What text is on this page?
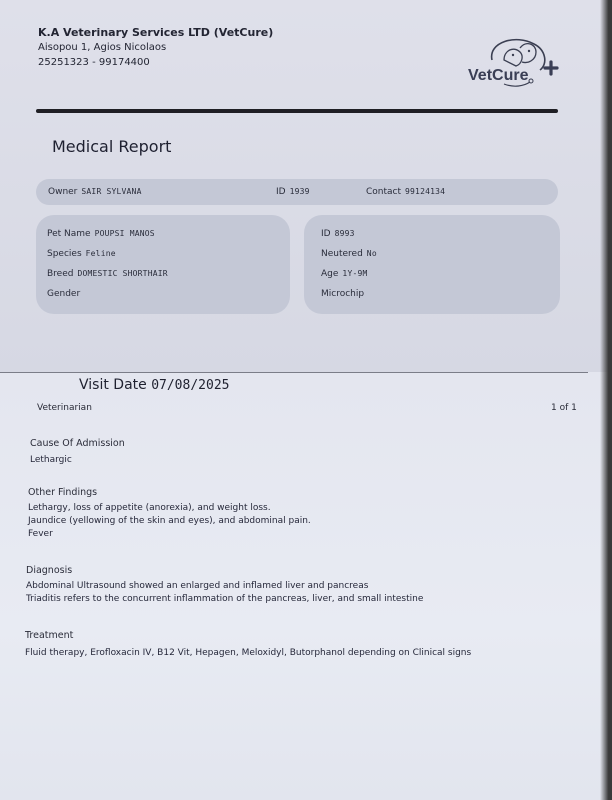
K.A Veterinary Services LTD (VetCure)
Aisopou 1, Agios Nicolaos
25251323 - 99174400
VetCure
Medical Report
Owner SAIR SYLVANA	ID 1939	Contact 99124134
Pet Name POUPSI MANOS
Species Feline
Breed DOMESTIC SHORTHAIR
Gender
ID 8993
Neutered No
Age 1Y-9M
Microchip
Visit Date 07/08/2025
Veterinarian	1 of 1
Cause Of Admission
Lethargic
Other Findings
Lethargy, loss of appetite (anorexia), and weight loss.
Jaundice (yellowing of the skin and eyes), and abdominal pain.
Fever
Diagnosis
Abdominal Ultrasound showed an enlarged and inflamed liver and pancreas
Triaditis refers to the concurrent inflammation of the pancreas, liver, and small intestine
Treatment
Fluid therapy, Erofloxacin IV, B12 Vit, Hepagen, Meloxidyl, Butorphanol depending on Clinical signs
